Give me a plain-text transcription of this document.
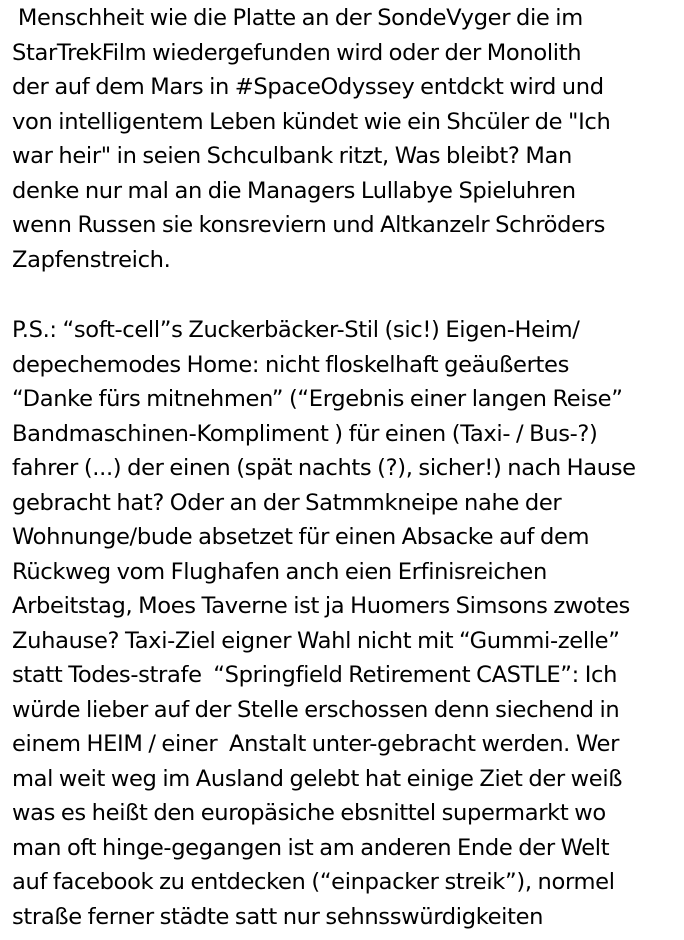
Menschheit wie die Platte an der SondeVyger die im
StarTrekFilm wiedergefunden wird oder der Monolith
der auf dem Mars in #SpaceOdyssey entdckt wird und
von intelligentem Leben kündet wie ein Shcüler de "Ich
war heir" in seien Schculbank ritzt, Was bleibt? Man
denke nur mal an die Managers Lullabye Spieluhren
wenn Russen sie konsreviern und Altkanzelr Schröders
Zapfenstreich.
P.S.: “soft-cell”s Zuckerbäcker-Stil (sic!) Eigen-Heim/
depechemodes Home: nicht floskelhaft geäußertes
“Danke fürs mitnehmen” (“Ergebnis einer langen Reise”
Bandmaschinen-Kompliment ) für einen (Taxi- / Bus-?)
fahrer (...) der einen (spät nachts (?), sicher!) nach Hause
gebracht hat? Oder an der Satmmkneipe nahe der
Wohnunge/bude absetzet für einen Absacke auf dem
Rückweg vom Flughafen anch eien Erfinisreichen
Arbeitstag, Moes Taverne ist ja Huomers Simsons zwotes
Zuhause? Taxi-Ziel eigner Wahl nicht mit “Gummi-zelle”
statt Todes-strafe  “Springfield Retirement CASTLE”: Ich
würde lieber auf der Stelle erschossen denn siechend in
einem HEIM / einer  Anstalt unter-gebracht werden. Wer
mal weit weg im Ausland gelebt hat einige Ziet der weiß
was es heißt den europäsiche ebsnittel supermarkt wo
man oft hinge-gegangen ist am anderen Ende der Welt
auf facebook zu entdecken (“einpacker streik”), normel
straße ferner städte satt nur sehnsswürdigkeiten
